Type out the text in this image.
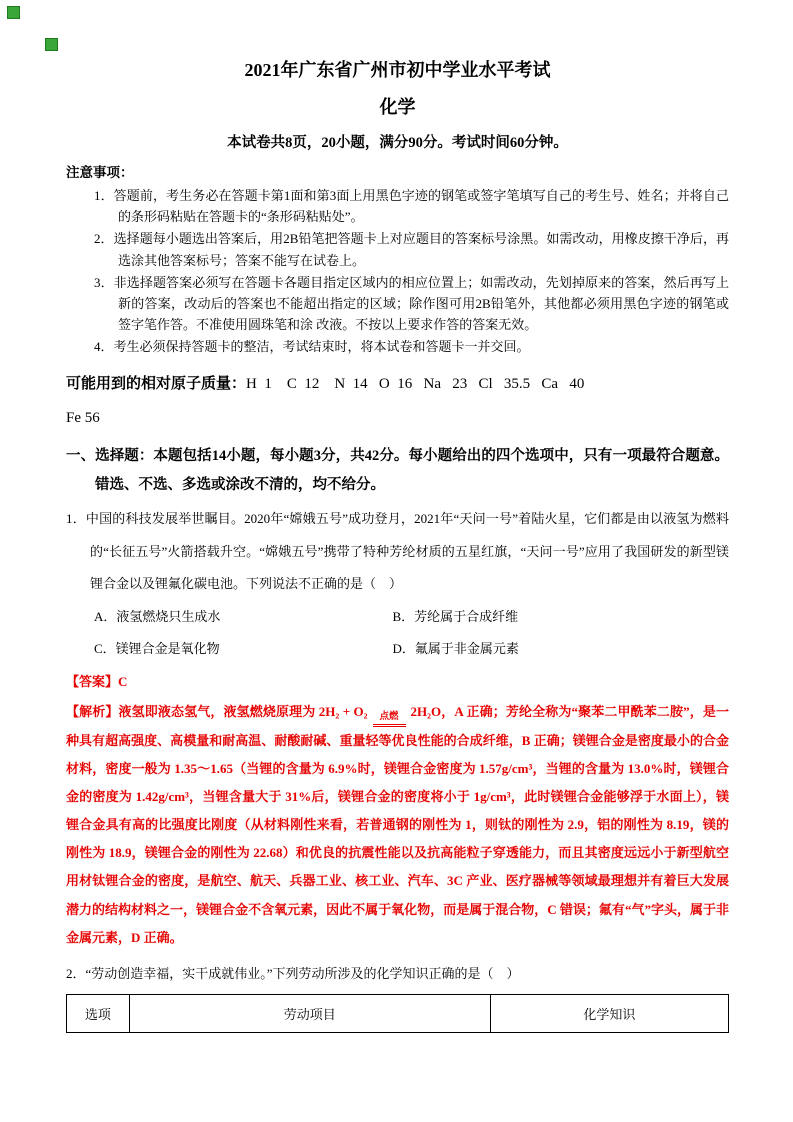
2021年广东省广州市初中学业水平考试
化学

本试卷共8页，20小题，满分90分。考试时间60分钟。

注意事项：

1．答题前，考生务必在答题卡第1面和第3面上用黑色字迹的钢笔或签字笔填写自己的考生号、姓名；并将自己的条形码粘贴在答题卡的“条形码粘贴处”。

2．选择题每小题选出答案后，用2B铅笔把答题卡上对应题目的答案标号涂黑。如需改动，用橡皮擦干净后，再选涂其他答案标号；答案不能写在试卷上。

3．非选择题答案必须写在答题卡各题目指定区域内的相应位置上；如需改动，先划掉原来的答案，然后再写上新的答案，改动后的答案也不能超出指定的区域；除作图可用2B铅笔外，其他都必须用黑色字迹的钢笔或签字笔作答。不准使用圆珠笔和涂 改液。不按以上要求作答的答案无效。

4．考生必须保持答题卡的整洁，考试结束时，将本试卷和答题卡一并交回。

可能用到的相对原子质量：H  1    C  12    N  14   O  16   Na   23   Cl   35.5   Ca   40

Fe 56

一、选择题：本题包括14小题，每小题3分，共42分。每小题给出的四个选项中，只有一项最符合题意。错选、不选、多选或涂改不清的，均不给分。

1．中国的科技发展举世瞩目。2020年“嫦娥五号”成功登月，2021年“天问一号”着陆火星，它们都是由以液氢为燃料的“长征五号”火箭搭载升空。“嫦娥五号”携带了特种芳纶材质的五星红旗，“天问一号”应用了我国研发的新型镁锂合金以及锂氟化碳电池。下列说法不正确的是（　）

A．液氢燃烧只生成水	B．芳纶属于合成纤维
C．镁锂合金是氧化物	D．氟属于非金属元素

【答案】C

【解析】液氢即液态氢气，液氢燃烧原理为 2H₂ + O₂	点燃 2H₂O，A 正确；芳纶全称为“聚苯二甲酰苯二胺”，是一种具有超高强度、高模量和耐高温、耐酸耐碱、重量轻等优良性能的合成纤维，B 正确；镁锂合金是密度最小的合金材料，密度一般为 1.35～1.65（当锂的含量为 6.9%时，镁锂合金密度为 1.57g/cm³，当锂的含量为 13.0%时，镁锂合金的密度为 1.42g/cm³，当锂含量大于 31%后，镁锂合金的密度将小于 1g/cm³，此时镁锂合金能够浮于水面上），镁锂合金具有高的比强度比刚度（从材料刚性来看，若普通钢的刚性为 1，则钛的刚性为 2.9，铝的刚性为 8.19，镁的刚性为 18.9，镁锂合金的刚性为 22.68）和优良的抗震性能以及抗高能粒子穿透能力，而且其密度远远小于新型航空用材钛锂合金的密度，是航空、航天、兵器工业、核工业、汽车、3C 产业、医疗器械等领域最理想并有着巨大发展潜力的结构材料之一，镁锂合金不含氧元素，因此不属于氧化物，而是属于混合物，C 错误；氟有“气”字头，属于非金属元素，D 正确。

2．“劳动创造幸福，实干成就伟业。”下列劳动所涉及的化学知识正确的是（　）

选项	劳动项目	化学知识
